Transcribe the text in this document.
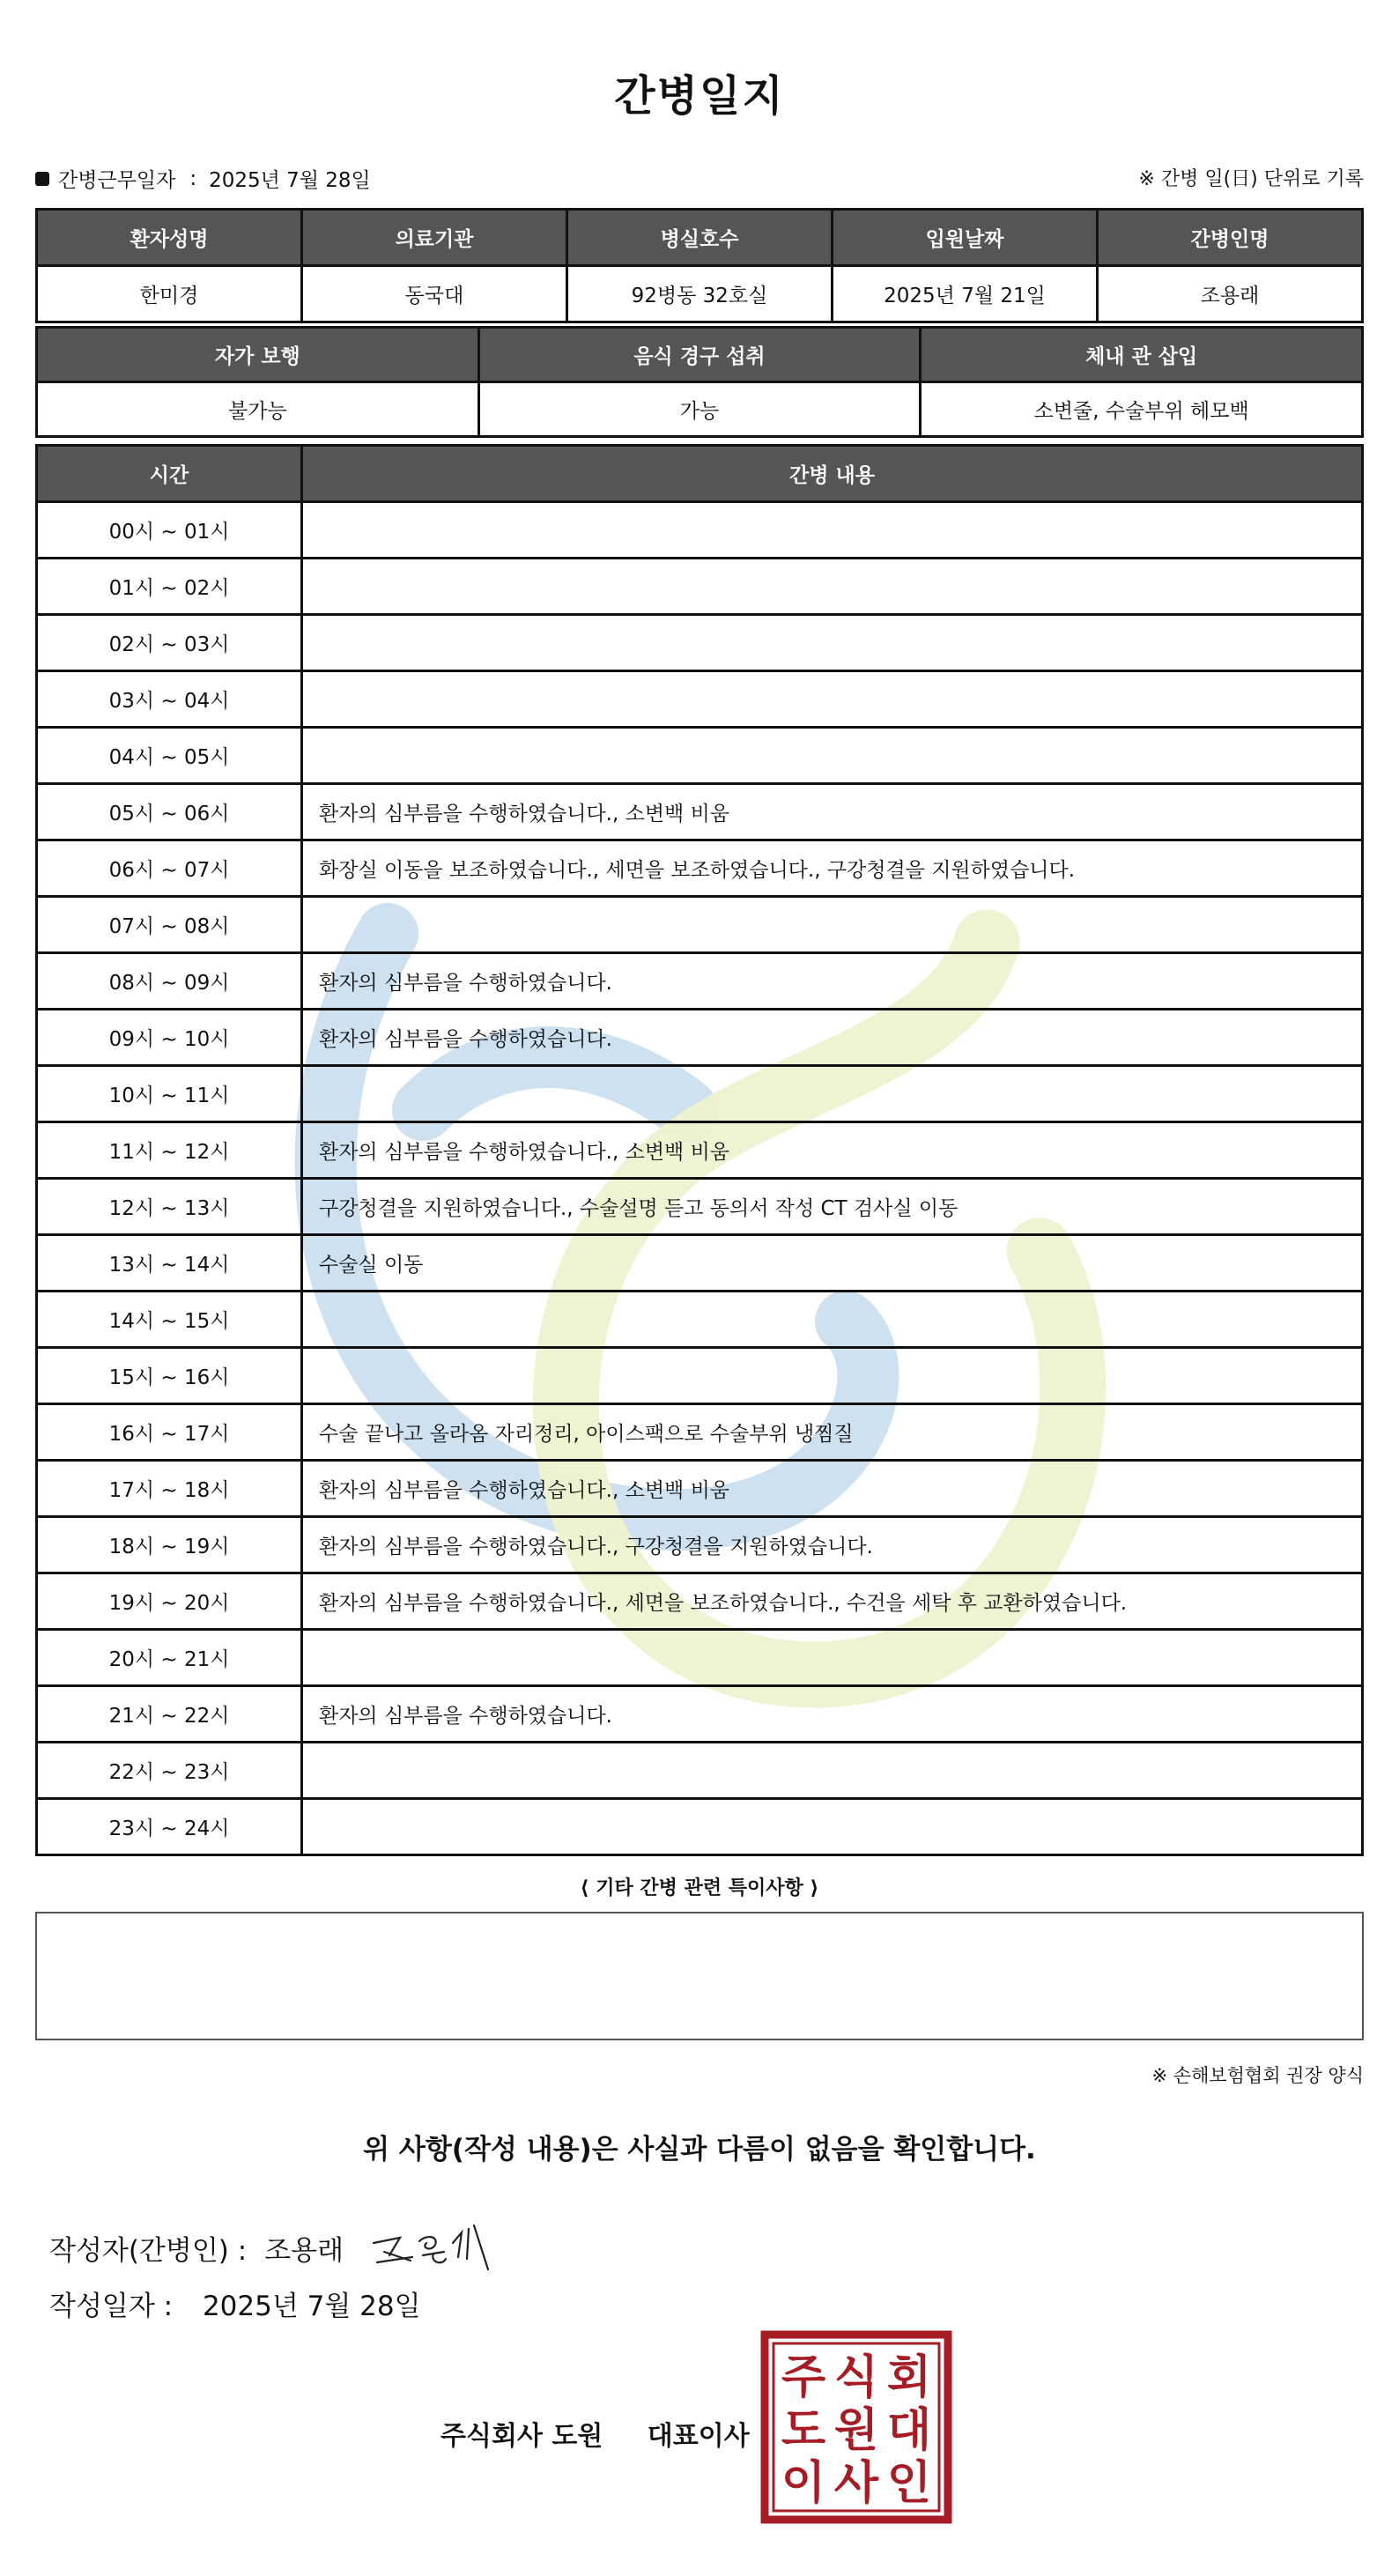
간병일지
간병근무일자 : 2025년 7월 28일	※ 간병 일(日) 단위로 기록
환자성명	의료기관	병실호수	입원날짜	간병인명
한미경	동국대	92병동 32호실	2025년 7월 21일	조용래
자가 보행	음식 경구 섭취	체내 관 삽입
불가능	가능	소변줄, 수술부위 헤모백
시간	간병 내용
00시 ~ 01시	
01시 ~ 02시	
02시 ~ 03시	
03시 ~ 04시	
04시 ~ 05시	
05시 ~ 06시	환자의 심부름을 수행하였습니다., 소변백 비움
06시 ~ 07시	화장실 이동을 보조하였습니다., 세면을 보조하였습니다., 구강청결을 지원하였습니다.
07시 ~ 08시	
08시 ~ 09시	환자의 심부름을 수행하였습니다.
09시 ~ 10시	환자의 심부름을 수행하였습니다.
10시 ~ 11시	
11시 ~ 12시	환자의 심부름을 수행하였습니다., 소변백 비움
12시 ~ 13시	구강청결을 지원하였습니다., 수술설명 듣고 동의서 작성 CT 검사실 이동
13시 ~ 14시	수술실 이동
14시 ~ 15시	
15시 ~ 16시	
16시 ~ 17시	수술 끝나고 올라옴 자리정리, 아이스팩으로 수술부위 냉찜질
17시 ~ 18시	환자의 심부름을 수행하였습니다., 소변백 비움
18시 ~ 19시	환자의 심부름을 수행하였습니다., 구강청결을 지원하였습니다.
19시 ~ 20시	환자의 심부름을 수행하였습니다., 세면을 보조하였습니다., 수건을 세탁 후 교환하였습니다.
20시 ~ 21시	
21시 ~ 22시	환자의 심부름을 수행하였습니다.
22시 ~ 23시	
23시 ~ 24시	
⟨ 기타 간병 관련 특이사항 ⟩
※ 손해보험협회 권장 양식
위 사항(작성 내용)은 사실과 다름이 없음을 확인합니다.
작성자(간병인) : 조용래
작성일자 : 2025년 7월 28일
주식회사 도원 대표이사
주 식 회
도 원 대
이 사 인
